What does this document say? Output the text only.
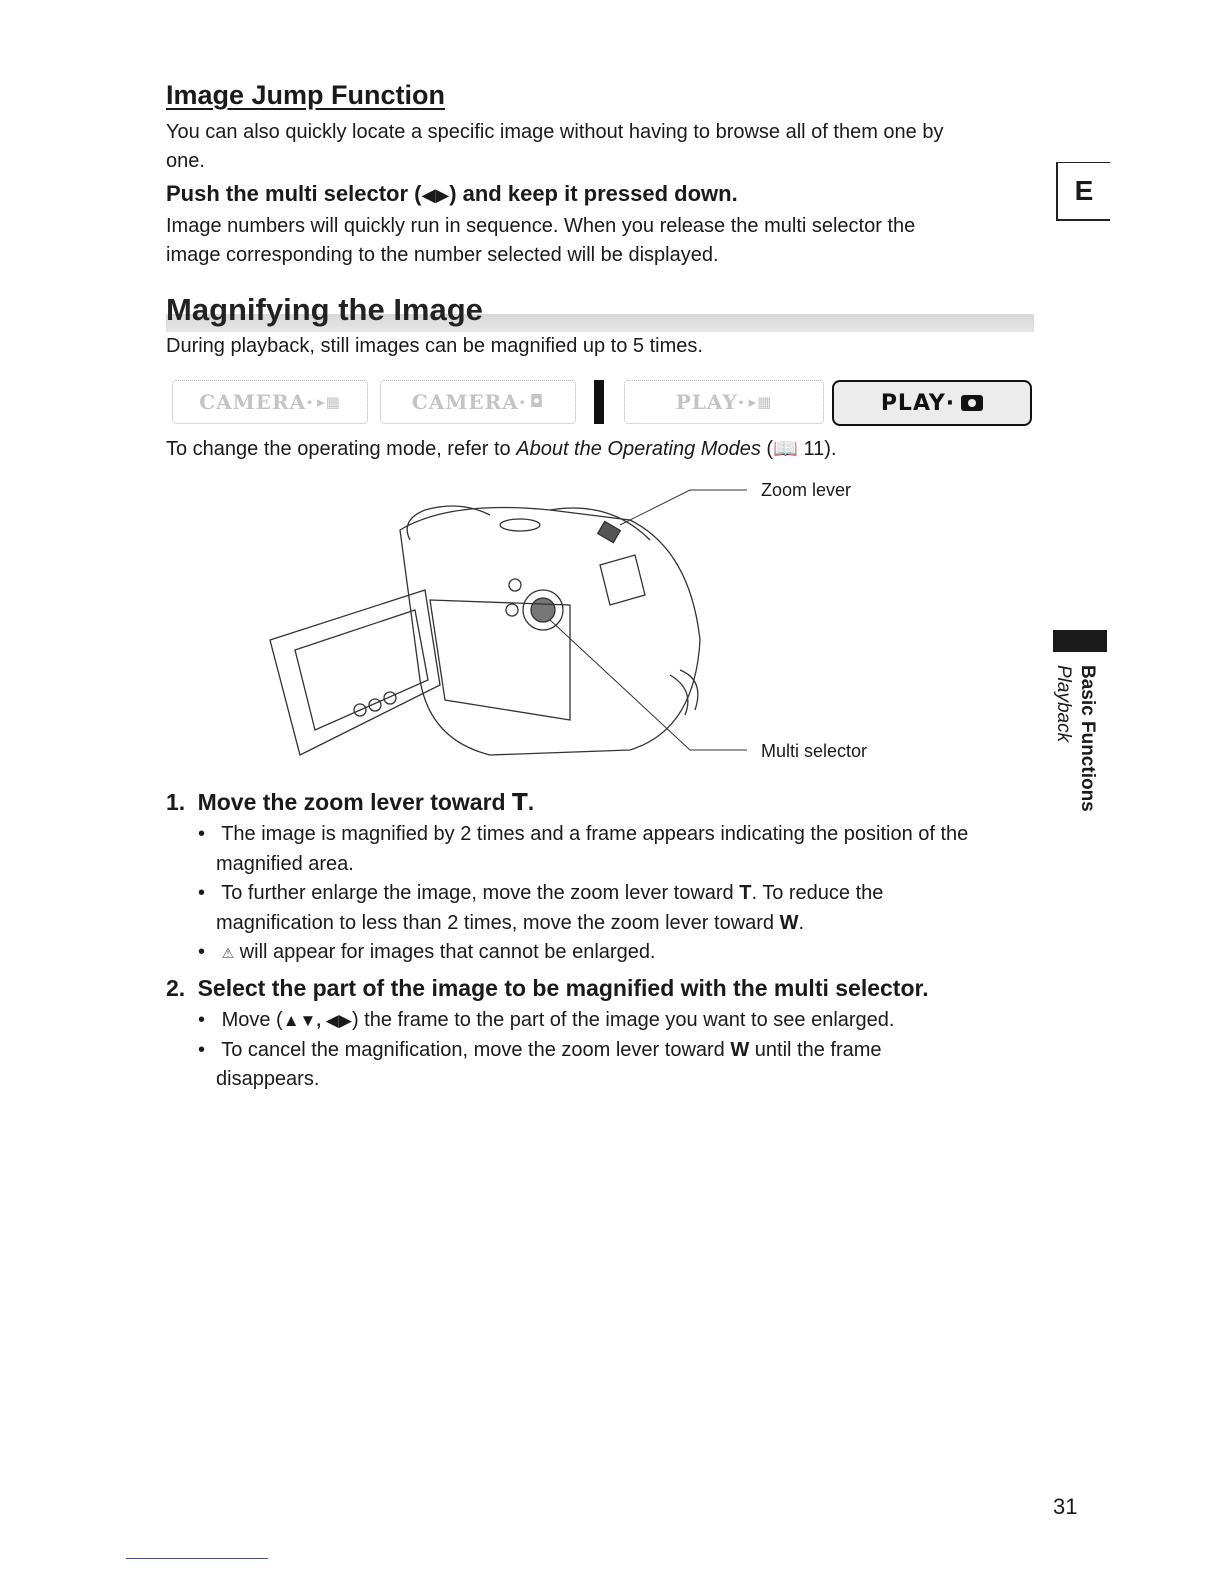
Image Jump Function
You can also quickly locate a specific image without having to browse all of them one by
one.
Push the multi selector (◀▶) and keep it pressed down.
Image numbers will quickly run in sequence. When you release the multi selector the
image corresponding to the number selected will be displayed.
Magnifying the Image
During playback, still images can be magnified up to 5 times.
CAMERA· ▸▦	CAMERA· ◘	PLAY· ▸▦	PLAY·
To change the operating mode, refer to About the Operating Modes (📖 11).
Zoom lever
Multi selector
1. Move the zoom lever toward T.
• The image is magnified by 2 times and a frame appears indicating the position of the
magnified area.
• To further enlarge the image, move the zoom lever toward T. To reduce the
magnification to less than 2 times, move the zoom lever toward W.
• ⚠ will appear for images that cannot be enlarged.
2. Select the part of the image to be magnified with the multi selector.
• Move (▲▼, ◀▶) the frame to the part of the image you want to see enlarged.
• To cancel the magnification, move the zoom lever toward W until the frame
disappears.
E
Basic Functions
Playback
31
